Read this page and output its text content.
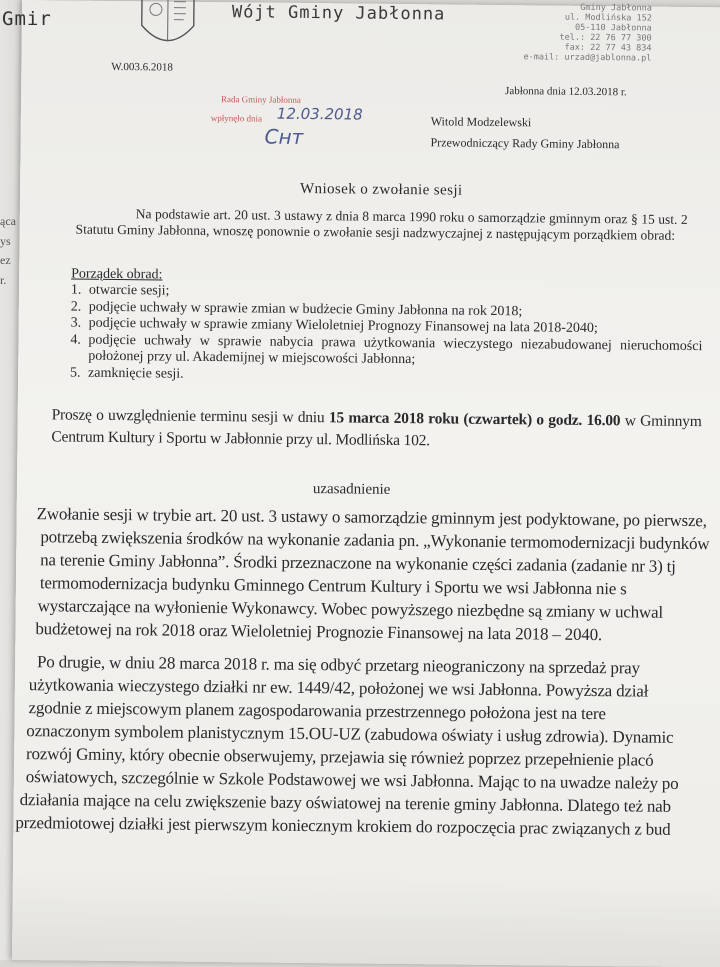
ąca
ys
ez
r.
Wójt Gminy Jabłonna	Gminy Jabłonna
ul. Modlińska 152
05-110 Jabłonna
tel.: 22 76 77 300
fax: 22 77 43 834
e-mail: urzad@jablonna.pl
W.003.6.2018
Jabłonna dnia 12.03.2018 r.
Rada Gminy Jabłonna
wpłynęło dnia 12.03.2018
Cнт
Witold Modzelewski
Przewodniczący Rady Gminy Jabłonna
Wniosek o zwołanie sesji
Na podstawie art. 20 ust. 3 ustawy z dnia 8 marca 1990 roku o samorządzie gminnym oraz § 15 ust. 2 Statutu Gminy Jabłonna, wnoszę ponownie o zwołanie sesji nadzwyczajnej z następującym porządkiem obrad:
Porządek obrad:
1. otwarcie sesji;
2. podjęcie uchwały w sprawie zmian w budżecie Gminy Jabłonna na rok 2018;
3. podjęcie uchwały w sprawie zmiany Wieloletniej Prognozy Finansowej na lata 2018-2040;
4. podjęcie uchwały w sprawie nabycia prawa użytkowania wieczystego niezabudowanej nieruchomości położonej przy ul. Akademijnej w miejscowości Jabłonna;
5. zamknięcie sesji.
Proszę o uwzględnienie terminu sesji w dniu 15 marca 2018 roku (czwartek) o godz. 16.00 w Gminnym Centrum Kultury i Sportu w Jabłonnie przy ul. Modlińska 102.
uzasadnienie
Zwołanie sesji w trybie art. 20 ust. 3 ustawy o samorządzie gminnym jest podyktowane, po pierwsze,
potrzebą zwiększenia środków na wykonanie zadania pn. „Wykonanie termomodernizacji budynków
na terenie Gminy Jabłonna”. Środki przeznaczone na wykonanie części zadania (zadanie nr 3) tj
termomodernizacja budynku Gminnego Centrum Kultury i Sportu we wsi Jabłonna nie s
wystarczające na wyłonienie Wykonawcy. Wobec powyższego niezbędne są zmiany w uchwal
budżetowej na rok 2018 oraz Wieloletniej Prognozie Finansowej na lata 2018 – 2040.
Po drugie, w dniu 28 marca 2018 r. ma się odbyć przetarg nieograniczony na sprzedaż pray
użytkowania wieczystego działki nr ew. 1449/42, położonej we wsi Jabłonna. Powyższa dział
zgodnie z miejscowym planem zagospodarowania przestrzennego położona jest na tere
oznaczonym symbolem planistycznym 15.OU-UZ (zabudowa oświaty i usług zdrowia). Dynamic
rozwój Gminy, który obecnie obserwujemy, przejawia się również poprzez przepełnienie placó
oświatowych, szczególnie w Szkole Podstawowej we wsi Jabłonna. Mając to na uwadze należy po
działania mające na celu zwiększenie bazy oświatowej na terenie gminy Jabłonna. Dlatego też nab
przedmiotowej działki jest pierwszym koniecznym krokiem do rozpoczęcia prac związanych z bud
Gmir
